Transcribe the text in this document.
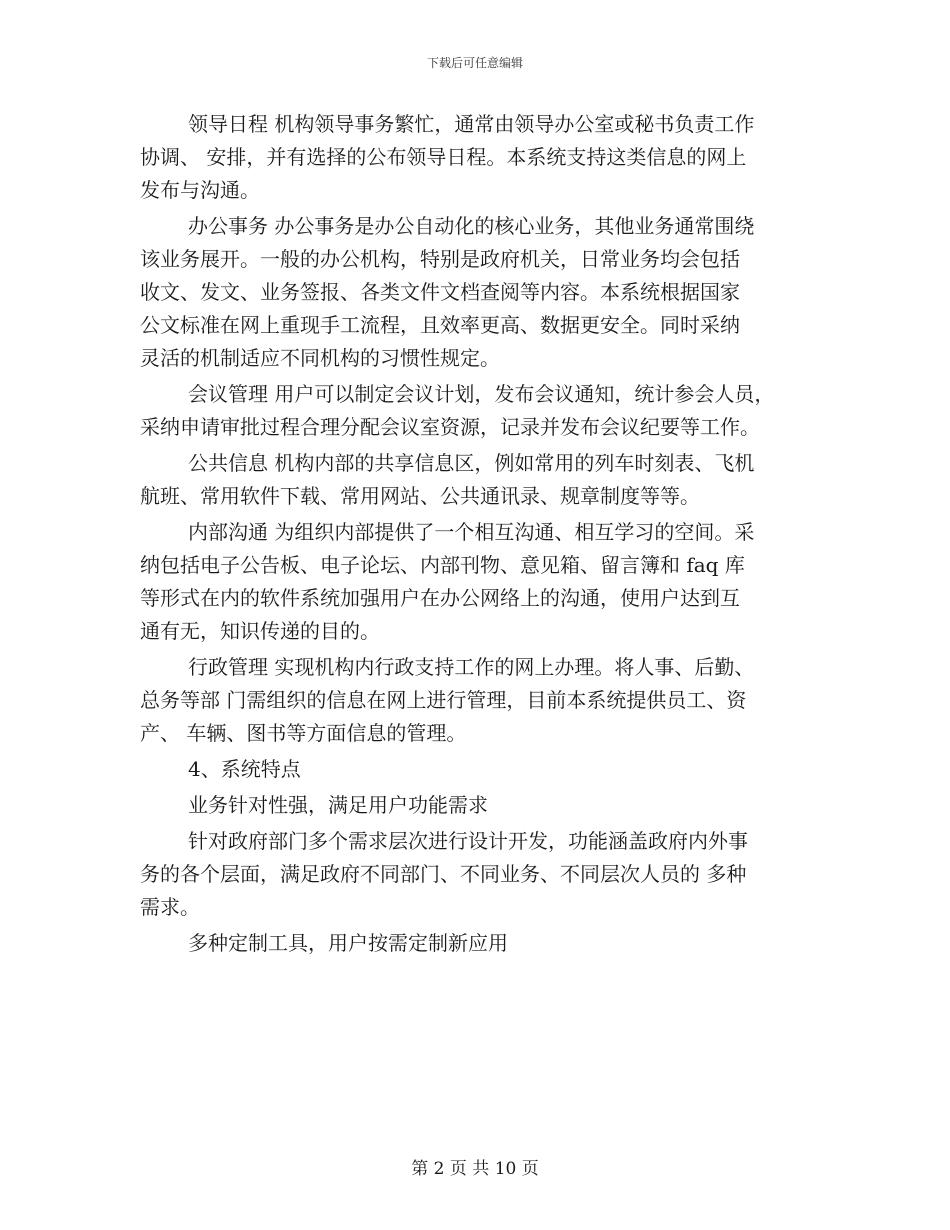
下载后可任意编辑
领导日程 机构领导事务繁忙，通常由领导办公室或秘书负责工作
协调、 安排，并有选择的公布领导日程。本系统支持这类信息的网上
发布与沟通。
办公事务 办公事务是办公自动化的核心业务，其他业务通常围绕
该业务展开。一般的办公机构，特别是政府机关，日常业务均会包括
收文、发文、业务签报、各类文件文档查阅等内容。本系统根据国家
公文标准在网上重现手工流程，且效率更高、数据更安全。同时采纳
灵活的机制适应不同机构的习惯性规定。
会议管理 用户可以制定会议计划，发布会议通知，统计参会人员，
采纳申请审批过程合理分配会议室资源，记录并发布会议纪要等工作。
公共信息 机构内部的共享信息区，例如常用的列车时刻表、飞机
航班、常用软件下载、常用网站、公共通讯录、规章制度等等。
内部沟通 为组织内部提供了一个相互沟通、相互学习的空间。采
纳包括电子公告板、电子论坛、内部刊物、意见箱、留言簿和 faq 库
等形式在内的软件系统加强用户在办公网络上的沟通，使用户达到互
通有无，知识传递的目的。
行政管理 实现机构内行政支持工作的网上办理。将人事、后勤、
总务等部 门需组织的信息在网上进行管理，目前本系统提供员工、资
产、 车辆、图书等方面信息的管理。
4、系统特点
业务针对性强，满足用户功能需求
针对政府部门多个需求层次进行设计开发，功能涵盖政府内外事
务的各个层面，满足政府不同部门、不同业务、不同层次人员的 多种
需求。
多种定制工具，用户按需定制新应用
第 2 页 共 10 页
